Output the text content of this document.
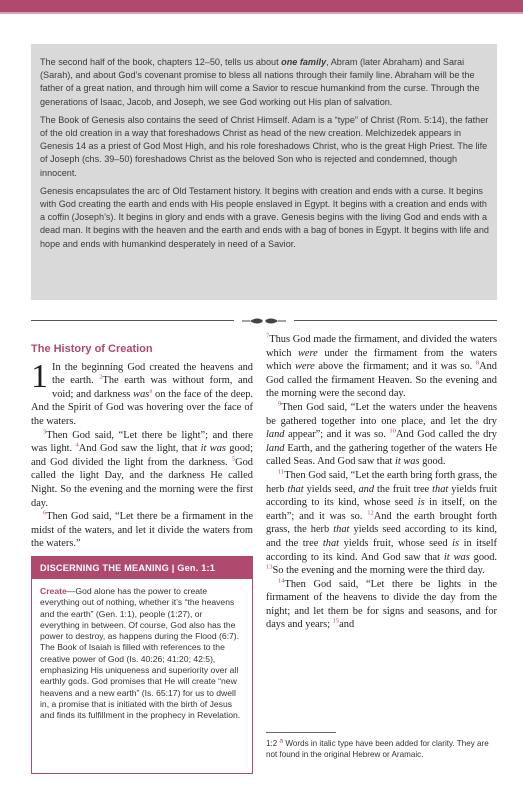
The second half of the book, chapters 12–50, tells us about one family, Abram (later Abraham) and Sarai (Sarah), and about God’s covenant promise to bless all nations through their family line. Abraham will be the father of a great nation, and through him will come a Savior to rescue humankind from the curse. Through the generations of Isaac, Jacob, and Joseph, we see God working out His plan of salvation.

The Book of Genesis also contains the seed of Christ Himself. Adam is a “type” of Christ (Rom. 5:14), the father of the old creation in a way that foreshadows Christ as head of the new creation. Melchizedek appears in Genesis 14 as a priest of God Most High, and his role foreshadows Christ, who is the great High Priest. The life of Joseph (chs. 39–50) foreshadows Christ as the beloved Son who is rejected and condemned, though innocent.

Genesis encapsulates the arc of Old Testament history. It begins with creation and ends with a curse. It begins with God creating the earth and ends with His people enslaved in Egypt. It begins with a creation and ends with a coffin (Joseph’s). It begins in glory and ends with a grave. Genesis begins with the living God and ends with a dead man. It begins with the heaven and the earth and ends with a bag of bones in Egypt. It begins with life and hope and ends with humankind desperately in need of a Savior.

The History of Creation

1 In the beginning God created the heavens and the earth. $^2$The earth was without form, and void; and darkness was$^a$ on the face of the deep. And the Spirit of God was hovering over the face of the waters.

$^3$Then God said, “Let there be light”; and there was light. $^4$And God saw the light, that it was good; and God divided the light from the darkness. $^5$God called the light Day, and the darkness He called Night. So the evening and the morning were the first day.

$^6$Then God said, “Let there be a firmament in the midst of the waters, and let it divide the waters from the waters.”

DISCERNING THE MEANING | Gen. 1:1
Create—God alone has the power to create everything out of nothing, whether it’s “the heavens and the earth” (Gen. 1:1), people (1:27), or everything in between. Of course, God also has the power to destroy, as happens during the Flood (6:7). The Book of Isaiah is filled with references to the creative power of God (Is. 40:26; 41:20; 42:5), emphasizing His uniqueness and superiority over all earthly gods. God promises that He will create “new heavens and a new earth” (Is. 65:17) for us to dwell in, a promise that is initiated with the birth of Jesus and finds its fulfillment in the prophecy in Revelation.

$^7$Thus God made the firmament, and divided the waters which were under the firmament from the waters which were above the firmament; and it was so. $^8$And God called the firmament Heaven. So the evening and the morning were the second day.

$^9$Then God said, “Let the waters under the heavens be gathered together into one place, and let the dry land appear”; and it was so. $^{10}$And God called the dry land Earth, and the gathering together of the waters He called Seas. And God saw that it was good.

$^{11}$Then God said, “Let the earth bring forth grass, the herb that yields seed, and the fruit tree that yields fruit according to its kind, whose seed is in itself, on the earth”; and it was so. $^{12}$And the earth brought forth grass, the herb that yields seed according to its kind, and the tree that yields fruit, whose seed is in itself according to its kind. And God saw that it was good. $^{13}$So the evening and the morning were the third day.

$^{14}$Then God said, “Let there be lights in the firmament of the heavens to divide the day from the night; and let them be for signs and seasons, and for days and years; $^{15}$and

1:2 $^a$ Words in italic type have been added for clarity. They are not found in the original Hebrew or Aramaic.
